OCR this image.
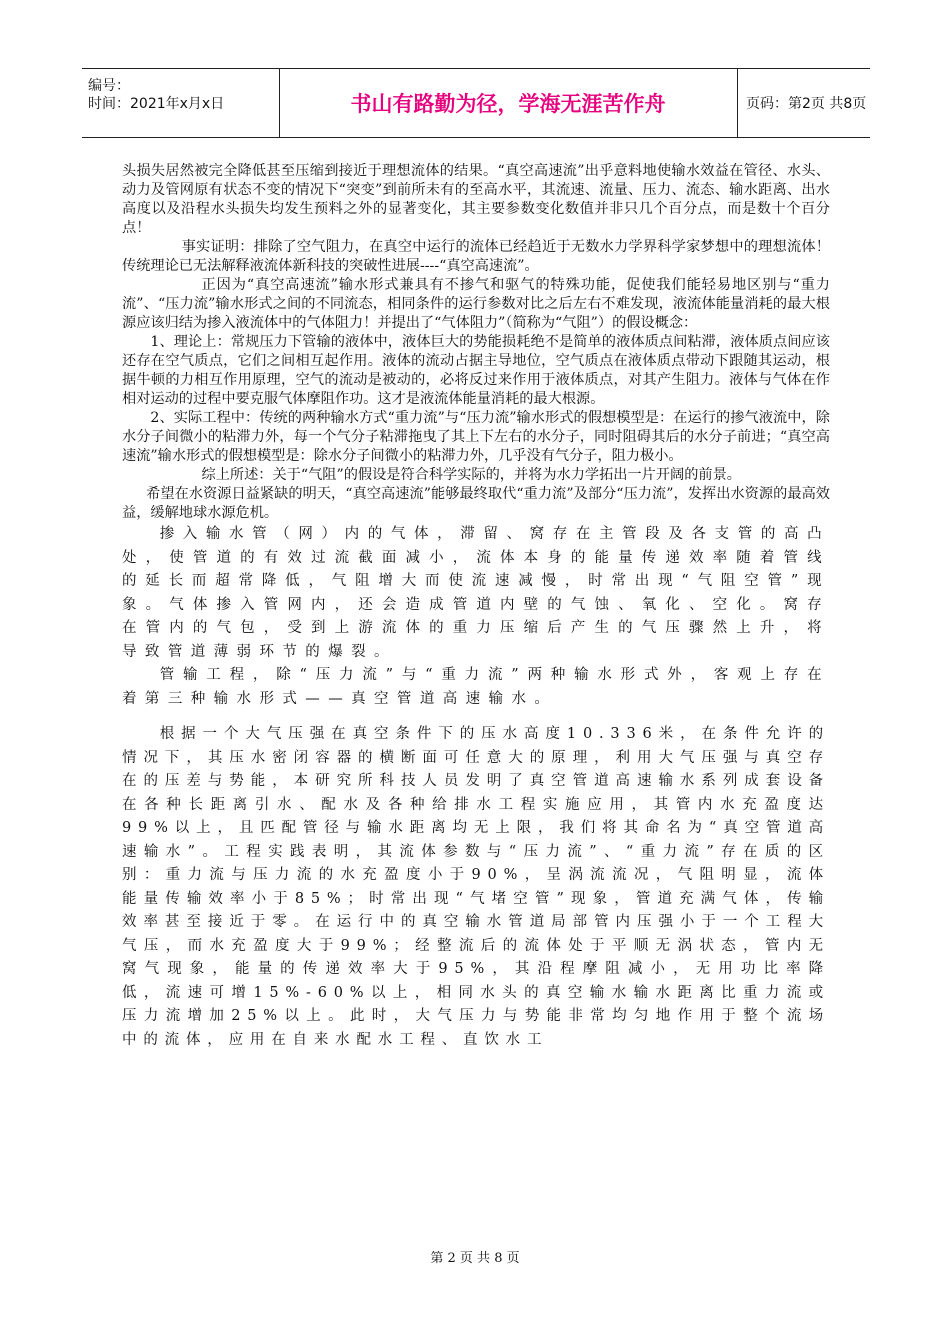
编号：
时间：2021年x月x日	书山有路勤为径，学海无涯苦作舟	页码：第2页 共8页

头损失居然被完全降低甚至压缩到接近于理想流体的结果。“真空高速流”出乎意料地使输水效益在管径、水头、动力及管网原有状态不变的情况下“突变”到前所未有的至高水平，其流速、流量、压力、流态、输水距离、出水高度以及沿程水头损失均发生预料之外的显著变化，其主要参数变化数值并非只几个百分点，而是数十个百分点！

事实证明：排除了空气阻力，在真空中运行的流体已经趋近于无数水力学界科学家梦想中的理想流体！传统理论已无法解释液流体新科技的突破性进展----“真空高速流”。

正因为“真空高速流”输水形式兼具有不掺气和驱气的特殊功能，促使我们能轻易地区别与“重力流”、“压力流”输水形式之间的不同流态，相同条件的运行参数对比之后左右不难发现，液流体能量消耗的最大根源应该归结为掺入液流体中的气体阻力！并提出了“气体阻力”（简称为“气阻”）的假设概念：

1、理论上：常规压力下管输的液体中，液体巨大的势能损耗绝不是简单的液体质点间粘滞，液体质点间应该还存在空气质点，它们之间相互起作用。液体的流动占据主导地位，空气质点在液体质点带动下跟随其运动，根据牛顿的力相互作用原理，空气的流动是被动的，必将反过来作用于液体质点，对其产生阻力。液体与气体在作相对运动的过程中要克服气体摩阻作功。这才是液流体能量消耗的最大根源。

2、实际工程中：传统的两种输水方式“重力流”与“压力流”输水形式的假想模型是：在运行的掺气液流中，除水分子间微小的粘滞力外，每一个气分子粘滞拖曳了其上下左右的水分子，同时阻碍其后的水分子前进；“真空高速流”输水形式的假想模型是：除水分子间微小的粘滞力外，几乎没有气分子，阻力极小。

综上所述：关于“气阻”的假设是符合科学实际的，并将为水力学拓出一片开阔的前景。

希望在水资源日益紧缺的明天，“真空高速流”能够最终取代“重力流”及部分“压力流”，发挥出水资源的最高效益，缓解地球水源危机。

掺入输水管（网）内的气体，滞留、窝存在主管段及各支管的高凸处，使管道的有效过流截面减小，流体本身的能量传递效率随着管线的延长而超常降低，气阻增大而使流速减慢，时常出现“气阻空管”现象。气体掺入管网内，还会造成管道内壁的气蚀、氧化、空化。窝存在管内的气包，受到上游流体的重力压缩后产生的气压骤然上升，将导致管道薄弱环节的爆裂。

管输工程，除“压力流”与“重力流”两种输水形式外，客观上存在着第三种输水形式——真空管道高速输水。

根据一个大气压强在真空条件下的压水高度10.336米，在条件允许的情况下，其压水密闭容器的横断面可任意大的原理，利用大气压强与真空存在的压差与势能，本研究所科技人员发明了真空管道高速输水系列成套设备在各种长距离引水、配水及各种给排水工程实施应用，其管内水充盈度达99%以上，且匹配管径与输水距离均无上限，我们将其命名为“真空管道高速输水”。工程实践表明，其流体参数与“压力流”、“重力流”存在质的区别：重力流与压力流的水充盈度小于90%，呈涡流流况，气阻明显，流体能量传输效率小于85%；时常出现“气堵空管”现象，管道充满气体，传输效率甚至接近于零。在运行中的真空输水管道局部管内压强小于一个工程大气压，而水充盈度大于99%；经整流后的流体处于平顺无涡状态，管内无窝气现象，能量的传递效率大于95%，其沿程摩阻减小，无用功比率降低，流速可增15%-60%以上，相同水头的真空输水输水距离比重力流或压力流增加25%以上。此时，大气压力与势能非常均匀地作用于整个流场中的流体，应用在自来水配水工程、直饮水工

第 2 页 共 8 页
